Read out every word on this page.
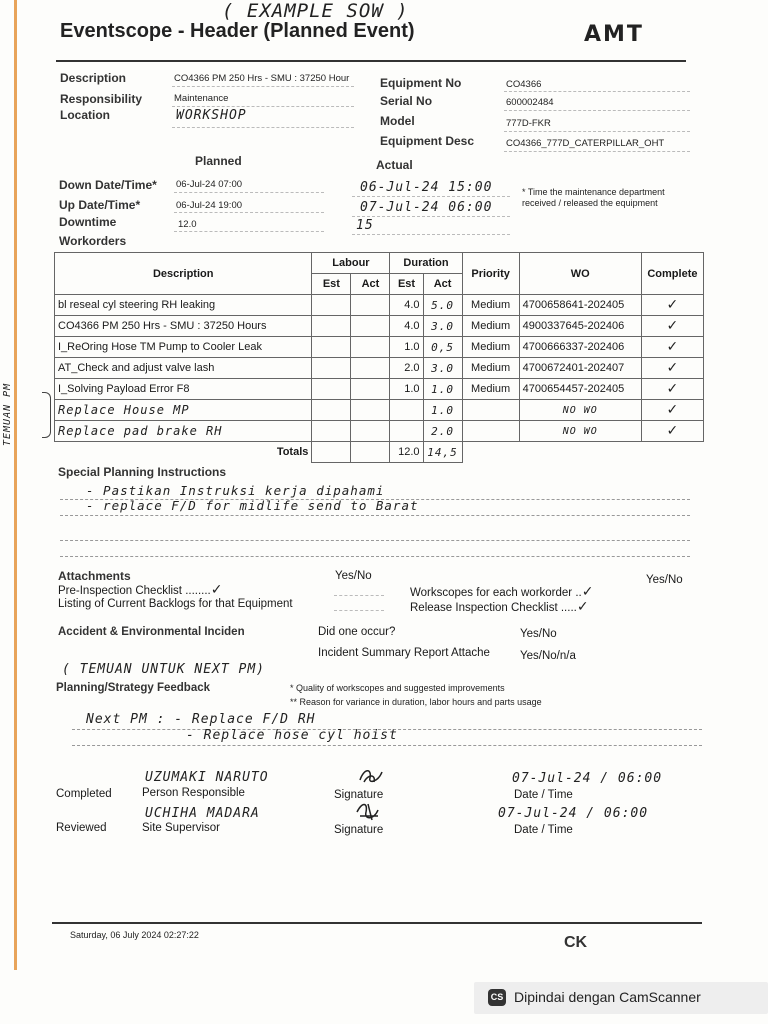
( EXAMPLE SOW )
Eventscope - Header (Planned Event)	AMT
Description	CO4366 PM 250 Hrs - SMU : 37250 Hour
Responsibility	Maintenance
Location	WORKSHOP
Equipment No	CO4366
Serial No	600002484
Model	777D-FKR
Equipment Desc	CO4366_777D_CATERPILLAR_OHT
Planned	Actual
Down Date/Time* 06-Jul-24 07:00	06-Jul-24 15:00
Up Date/Time*	06-Jul-24 19:00	07-Jul-24 06:00
* Time the maintenance department
received / released the equipment
Downtime	12.0	15
Workorders
TEMUAN PM
Description	Labour		Duration		Priority	WO	Complete
	Est	Act	Est	Act			
bl reseal cyl steering RH leaking			4.0	5.0	Medium	4700658641-202405	✓
CO4366 PM 250 Hrs - SMU : 37250 Hours			4.0	3.0	Medium	4900337645-202406	✓
I_ReOring Hose TM Pump to Cooler Leak			1.0	0,5	Medium	4700666337-202406	✓
AT_Check and adjust valve lash			2.0	3.0	Medium	4700672401-202407	✓
I_Solving Payload Error F8			1.0	1.0	Medium	4700654457-202405	✓
Replace House MP				1.0		NO WO	✓
Replace pad brake RH				2.0		NO WO	✓
Totals			12.0	14,5			
Special Planning Instructions
- Pastikan Instruksi kerja dipahami
- replace F/D for midlife send to Barat
Attachments
Pre-Inspection Checklist ........✓
Listing of Current Backlogs for that Equipment
Yes/No
Workscopes for each workorder ..✓
Yes/No
Release Inspection Checklist .....✓
Accident & Environmental Inciden	Did one occur?	Yes/No
Incident Summary Report Attache	Yes/No/n/a
( TEMUAN UNTUK NEXT PM)
Planning/Strategy Feedback	* Quality of workscopes and suggested improvements
** Reason for variance in duration, labor hours and parts usage
Next PM : - Replace F/D RH
- Replace hose cyl hoist
Completed
UZUMAKI NARUTO
Person Responsible	Signature
07-Jul-24 / 06:00
Date / Time
Reviewed
UCHIHA MADARA
Site Supervisor	Signature
07-Jul-24 / 06:00
Date / Time
Saturday, 06 July 2024 02:27:22	CK
CS Dipindai dengan CamScanner
